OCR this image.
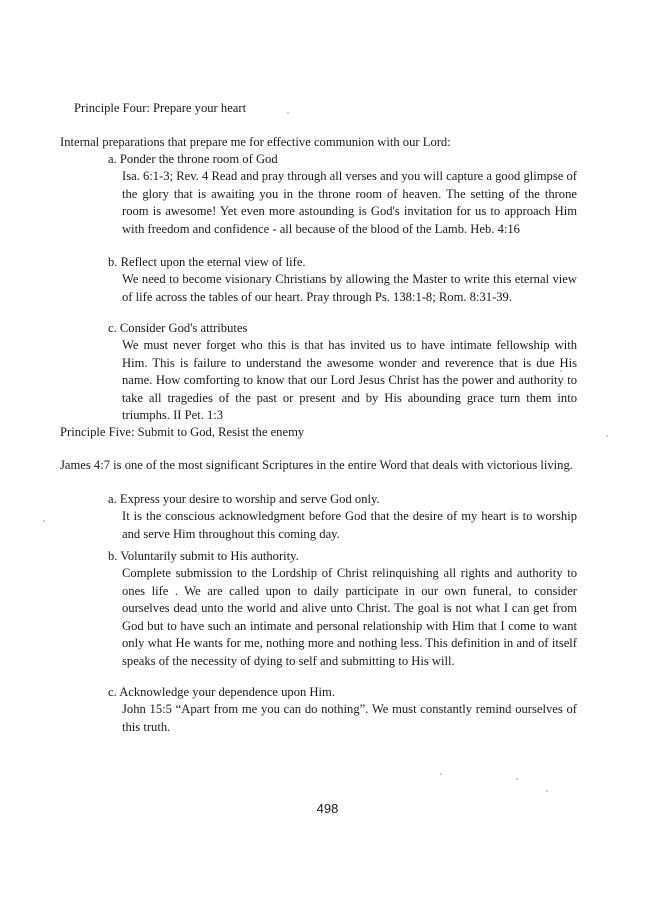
Principle Four: Prepare your heart

Internal preparations that prepare me for effective communion with our Lord:

a. Ponder the throne room of God

Isa. 6:1-3; Rev. 4 Read and pray through all verses and you will capture a good glimpse of the glory that is awaiting you in the throne room of heaven. The setting of the throne room is awesome! Yet even more astounding is God's invitation for us to approach Him with freedom and confidence - all because of the blood of the Lamb. Heb. 4:16

b. Reflect upon the eternal view of life.

We need to become visionary Christians by allowing the Master to write this eternal view of life across the tables of our heart. Pray through Ps. 138:1-8; Rom. 8:31-39.

c. Consider God's attributes

We must never forget who this is that has invited us to have intimate fellowship with Him. This is failure to understand the awesome wonder and reverence that is due His name. How comforting to know that our Lord Jesus Christ has the power and authority to take all tragedies of the past or present and by His abounding grace turn them into triumphs. II Pet. 1:3

Principle Five: Submit to God, Resist the enemy

James 4:7 is one of the most significant Scriptures in the entire Word that deals with victorious living.

a. Express your desire to worship and serve God only.

It is the conscious acknowledgment before God that the desire of my heart is to worship and serve Him throughout this coming day.

b. Voluntarily submit to His authority.

Complete submission to the Lordship of Christ relinquishing all rights and authority to ones life . We are called upon to daily participate in our own funeral, to consider ourselves dead unto the world and alive unto Christ. The goal is not what I can get from God but to have such an intimate and personal relationship with Him that I come to want only what He wants for me, nothing more and nothing less. This definition in and of itself speaks of the necessity of dying to self and submitting to His will.

c. Acknowledge your dependence upon Him.

John 15:5 “Apart from me you can do nothing”. We must constantly remind ourselves of this truth.

498
